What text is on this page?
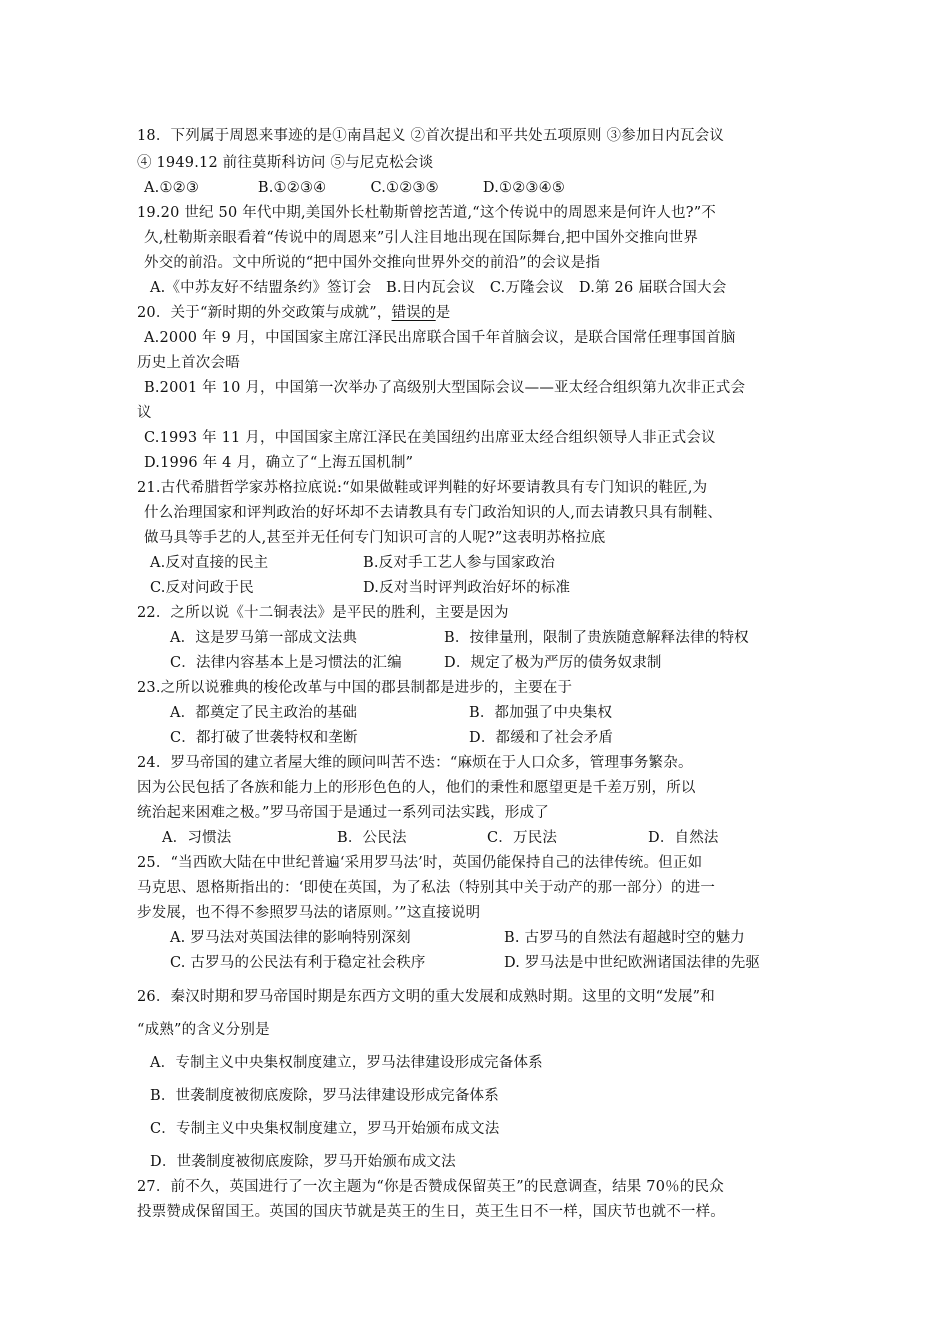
18．下列属于周恩来事迹的是①南昌起义 ②首次提出和平共处五项原则 ③参加日内瓦会议
④ 1949.12 前往莫斯科访问 ⑤与尼克松会谈
A.①②③　　　　B.①②③④　　　C.①②③⑤　　　D.①②③④⑤
19.20 世纪 50 年代中期,美国外长杜勒斯曾挖苦道,“这个传说中的周恩来是何许人也?”不
久,杜勒斯亲眼看着“传说中的周恩来”引人注目地出现在国际舞台,把中国外交推向世界
外交的前沿。文中所说的“把中国外交推向世界外交的前沿”的会议是指
A.《中苏友好不结盟条约》签订会　B.日内瓦会议　C.万隆会议　D.第 26 届联合国大会
20．关于“新时期的外交政策与成就”，错误的是
A.2000 年 9 月，中国国家主席江泽民出席联合国千年首脑会议，是联合国常任理事国首脑
历史上首次会晤
B.2001 年 10 月，中国第一次举办了高级别大型国际会议——亚太经合组织第九次非正式会
议
C.1993 年 11 月，中国国家主席江泽民在美国纽约出席亚太经合组织领导人非正式会议
D.1996 年 4 月，确立了“上海五国机制”
21.古代希腊哲学家苏格拉底说:“如果做鞋或评判鞋的好坏要请教具有专门知识的鞋匠,为
什么治理国家和评判政治的好坏却不去请教具有专门政治知识的人,而去请教只具有制鞋、
做马具等手艺的人,甚至并无任何专门知识可言的人呢?”这表明苏格拉底
A.反对直接的民主	B.反对手工艺人参与国家政治
C.反对问政于民	D.反对当时评判政治好坏的标准
22．之所以说《十二铜表法》是平民的胜利，主要是因为
A．这是罗马第一部成文法典	B．按律量刑，限制了贵族随意解释法律的特权
C．法律内容基本上是习惯法的汇编	D．规定了极为严厉的债务奴隶制
23.之所以说雅典的梭伦改革与中国的郡县制都是进步的，主要在于
A．都奠定了民主政治的基础	B．都加强了中央集权
C．都打破了世袭特权和垄断	D．都缓和了社会矛盾
24．罗马帝国的建立者屋大维的顾问叫苦不迭：“麻烦在于人口众多，管理事务繁杂。
因为公民包括了各族和能力上的形形色色的人，他们的秉性和愿望更是千差万别，所以
统治起来困难之极。”罗马帝国于是通过一系列司法实践，形成了
A．习惯法	B．公民法	C．万民法	D．自然法
25．“当西欧大陆在中世纪普遍‘采用罗马法’时，英国仍能保持自己的法律传统。但正如
马克思、恩格斯指出的：‘即使在英国，为了私法（特别其中关于动产的那一部分）的进一
步发展，也不得不参照罗马法的诸原则。’”这直接说明
A. 罗马法对英国法律的影响特别深刻	B. 古罗马的自然法有超越时空的魅力
C. 古罗马的公民法有利于稳定社会秩序	D. 罗马法是中世纪欧洲诸国法律的先驱
26．秦汉时期和罗马帝国时期是东西方文明的重大发展和成熟时期。这里的文明“发展”和
“成熟”的含义分别是
A．专制主义中央集权制度建立，罗马法律建设形成完备体系
B．世袭制度被彻底废除，罗马法律建设形成完备体系
C．专制主义中央集权制度建立，罗马开始颁布成文法
D．世袭制度被彻底废除，罗马开始颁布成文法
27．前不久，英国进行了一次主题为“你是否赞成保留英王”的民意调查，结果 70％的民众
投票赞成保留国王。英国的国庆节就是英王的生日，英王生日不一样，国庆节也就不一样。
